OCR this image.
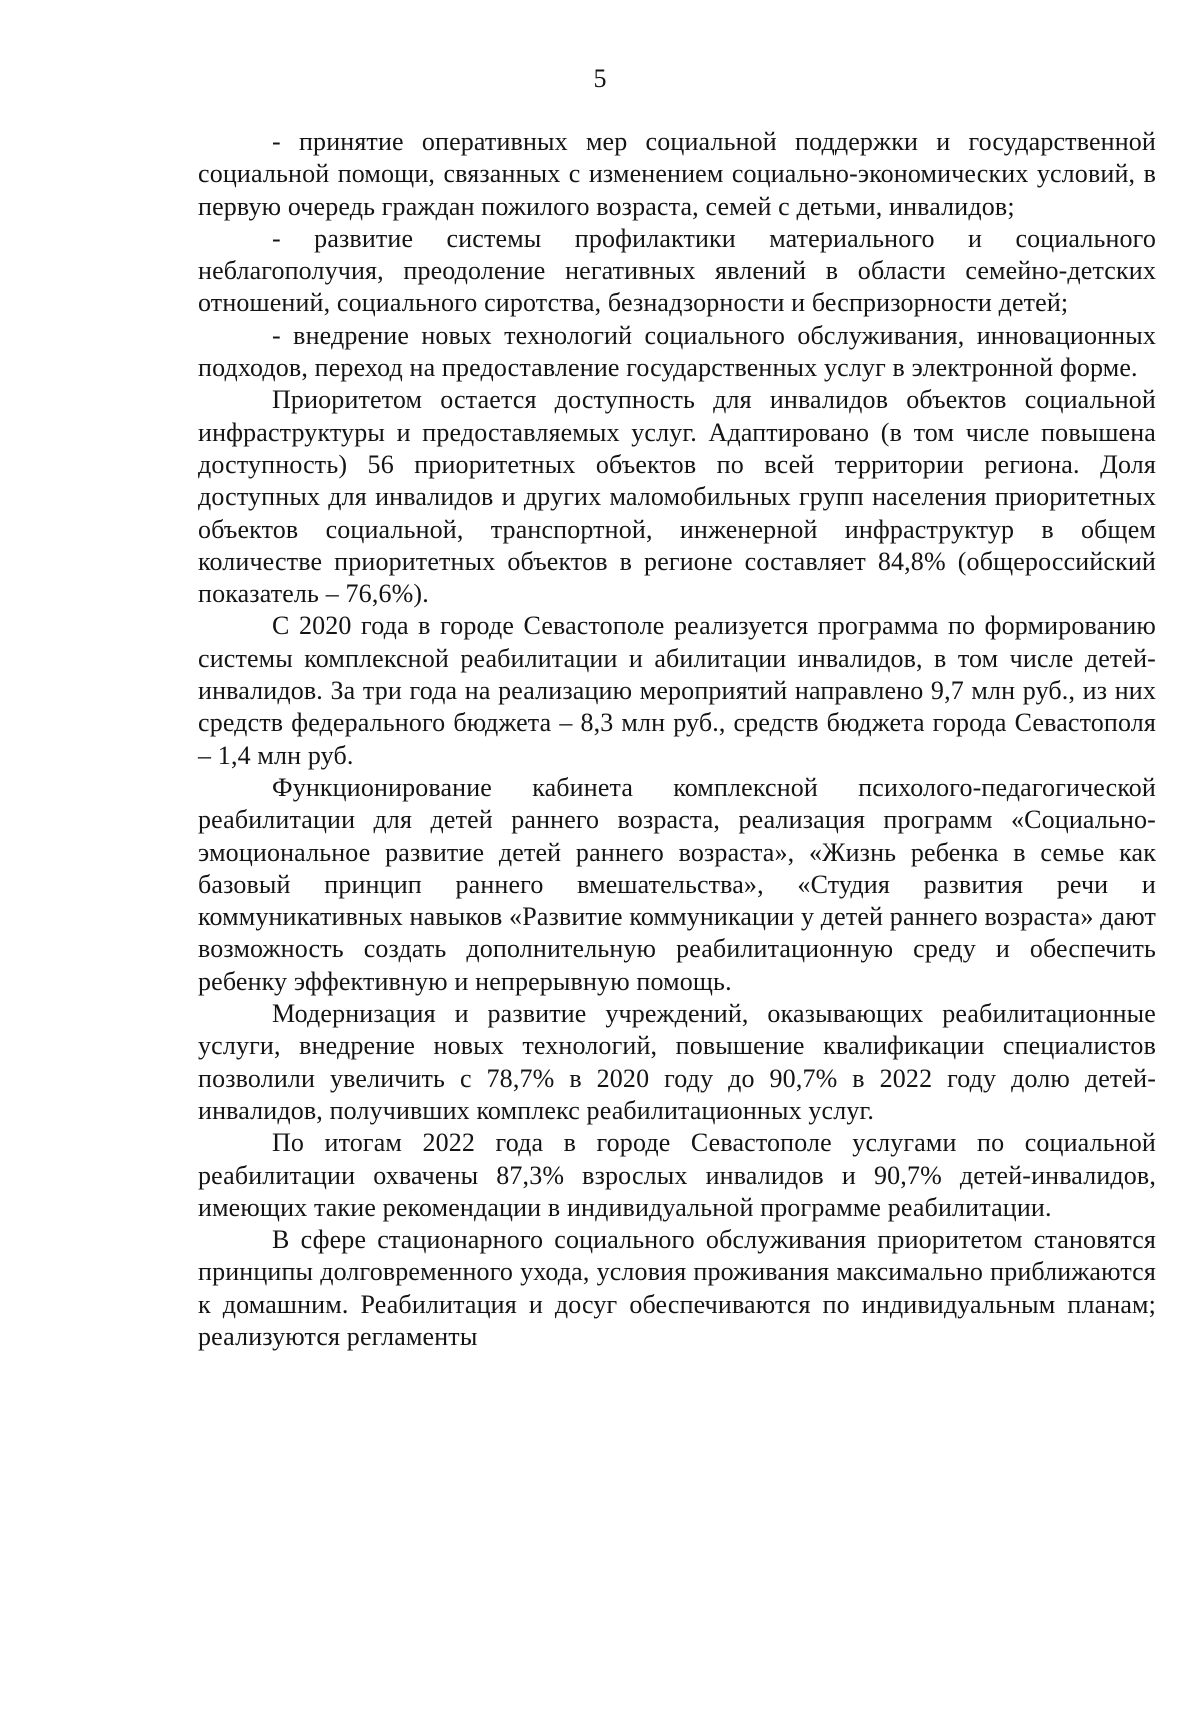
5

- принятие оперативных мер социальной поддержки и государственной социальной помощи, связанных с изменением социально-экономических условий, в первую очередь граждан пожилого возраста, семей с детьми, инвалидов;

- развитие системы профилактики материального и социального неблагополучия, преодоление негативных явлений в области семейно-детских отношений, социального сиротства, безнадзорности и беспризорности детей;

- внедрение новых технологий социального обслуживания, инновационных подходов, переход на предоставление государственных услуг в электронной форме.

Приоритетом остается доступность для инвалидов объектов социальной инфраструктуры и предоставляемых услуг. Адаптировано (в том числе повышена доступность) 56 приоритетных объектов по всей территории региона. Доля доступных для инвалидов и других маломобильных групп населения приоритетных объектов социальной, транспортной, инженерной инфраструктур в общем количестве приоритетных объектов в регионе составляет 84,8% (общероссийский показатель – 76,6%).

С 2020 года в городе Севастополе реализуется программа по формированию системы комплексной реабилитации и абилитации инвалидов, в том числе детей-инвалидов. За три года на реализацию мероприятий направлено 9,7 млн руб., из них средств федерального бюджета – 8,3 млн руб., средств бюджета города Севастополя – 1,4 млн руб.

Функционирование кабинета комплексной психолого-педагогической реабилитации для детей раннего возраста, реализация программ «Социально-эмоциональное развитие детей раннего возраста», «Жизнь ребенка в семье как базовый принцип раннего вмешательства», «Студия развития речи и коммуникативных навыков «Развитие коммуникации у детей раннего возраста» дают возможность создать дополнительную реабилитационную среду и обеспечить ребенку эффективную и непрерывную помощь.

Модернизация и развитие учреждений, оказывающих реабилитационные услуги, внедрение новых технологий, повышение квалификации специалистов позволили увеличить с 78,7% в 2020 году до 90,7% в 2022 году долю детей-инвалидов, получивших комплекс реабилитационных услуг.

По итогам 2022 года в городе Севастополе услугами по социальной реабилитации охвачены 87,3% взрослых инвалидов и 90,7% детей-инвалидов, имеющих такие рекомендации в индивидуальной программе реабилитации.

В сфере стационарного социального обслуживания приоритетом становятся принципы долговременного ухода, условия проживания максимально приближаются к домашним. Реабилитация и досуг обеспечиваются по индивидуальным планам; реализуются регламенты
